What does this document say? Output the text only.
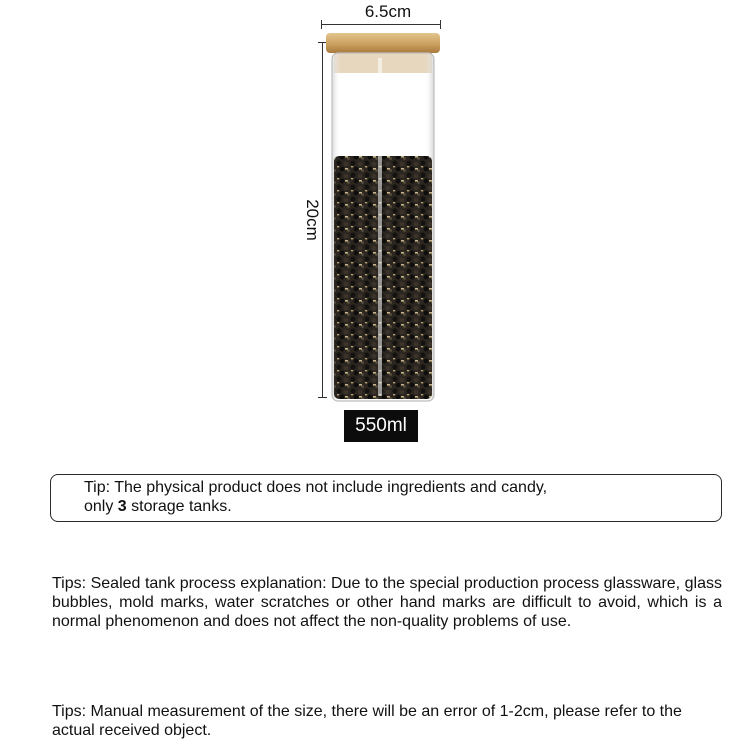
6.5cm
20cm
550ml
Tip: The physical product does not include ingredients and candy,
only 3 storage tanks.
Tips: Sealed tank process explanation: Due to the special production process glassware, glass bubbles, mold marks, water scratches or other hand marks are difficult to avoid, which is a normal phenomenon and does not affect the non-quality problems of use.
Tips: Manual measurement of the size, there will be an error of 1-2cm, please refer to the actual received object.
